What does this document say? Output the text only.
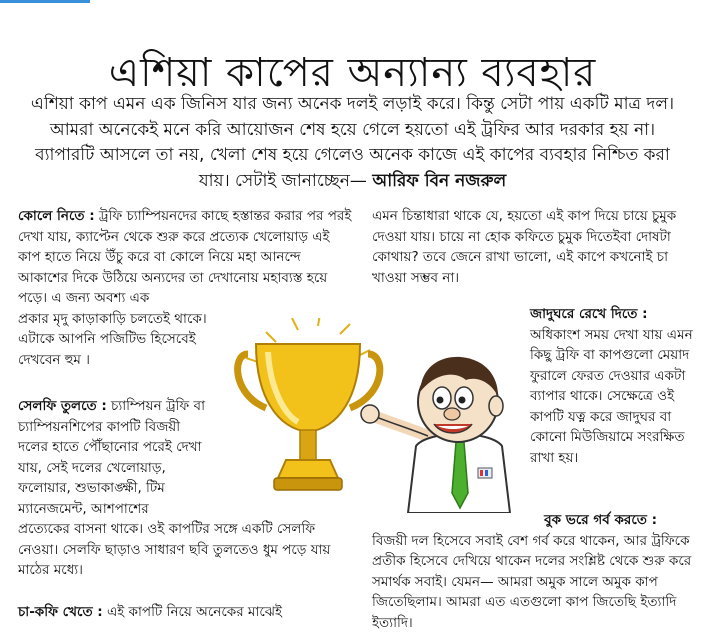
এশিয়া কাপের অন্যান্য ব্যবহার
এশিয়া কাপ এমন এক জিনিস যার জন্য অনেক দলই লড়াই করে। কিন্তু সেটা পায় একটি মাত্র দল। আমরা অনেকেই মনে করি আয়োজন শেষ হয়ে গেলে হয়তো এই ট্রফির আর দরকার হয় না। ব্যাপারটি আসলে তা নয়, খেলা শেষ হয়ে গেলেও অনেক কাজে এই কাপের ব্যবহার নিশ্চিত করা যায়। সেটাই জানাচ্ছেন— আরিফ বিন নজরুল

কোলে নিতে : ট্রফি চ্যাম্পিয়নদের কাছে হস্তান্তর করার পর পরই দেখা যায়, ক্যাপ্টেন থেকে শুরু করে প্রত্যেক খেলোয়াড় এই কাপ হাতে নিয়ে উঁচু করে বা কোলে নিয়ে মহা আনন্দে আকাশের দিকে উঠিয়ে অন্যদের তা দেখানোয় মহাব্যস্ত হয়ে পড়ে। এ জন্য অবশ্য এক

প্রকার মৃদু কাড়াকাড়ি চলতেই থাকে। এটাকে আপনি পজিটিভ হিসেবেই দেখবেন হুম ।

সেলফি তুলতে : চ্যাম্পিয়ন ট্রফি বা চ্যাম্পিয়নশিপের কাপটি বিজয়ী দলের হাতে পৌঁছানোর পরেই দেখা যায়, সেই দলের খেলোয়াড়, ফলোয়ার, শুভাকাঙ্ক্ষী, টিম ম্যানেজমেন্ট, আশপাশের

প্রত্যেকের বাসনা থাকে। ওই কাপটির সঙ্গে একটি সেলফি নেওয়া। সেলফি ছাড়াও সাধারণ ছবি তুলতেও ধুম পড়ে যায় মাঠের মধ্যে।

চা-কফি খেতে : এই কাপটি নিয়ে অনেকের মাঝেই

এমন চিন্তাধারা থাকে যে, হয়তো এই কাপ দিয়ে চায়ে চুমুক দেওয়া যায়। চায়ে না হোক কফিতে চুমুক দিতেইবা দোষটা কোথায়? তবে জেনে রাখা ভালো, এই কাপে কখনোই চা খাওয়া সম্ভব না।

জাদুঘরে রেখে দিতে :

অধিকাংশ সময় দেখা যায় এমন কিছু ট্রফি বা কাপগুলো মেয়াদ ফুরালে ফেরত দেওয়ার একটা ব্যাপার থাকে। সেক্ষেত্রে ওই কাপটি যত্ন করে জাদুঘর বা কোনো মিউজিয়ামে সংরক্ষিত রাখা হয়।

বুক ভরে গর্ব করতে :

বিজয়ী দল হিসেবে সবাই বেশ গর্ব করে থাকেন, আর ট্রফিকে প্রতীক হিসেবে দেখিয়ে থাকেন দলের সংশ্লিষ্ট থেকে শুরু করে সমার্থক সবাই। যেমন— আমরা অমুক সালে অমুক কাপ জিতেছিলাম। আমরা এত এতগুলো কাপ জিতেছি ইত্যাদি ইত্যাদি।
